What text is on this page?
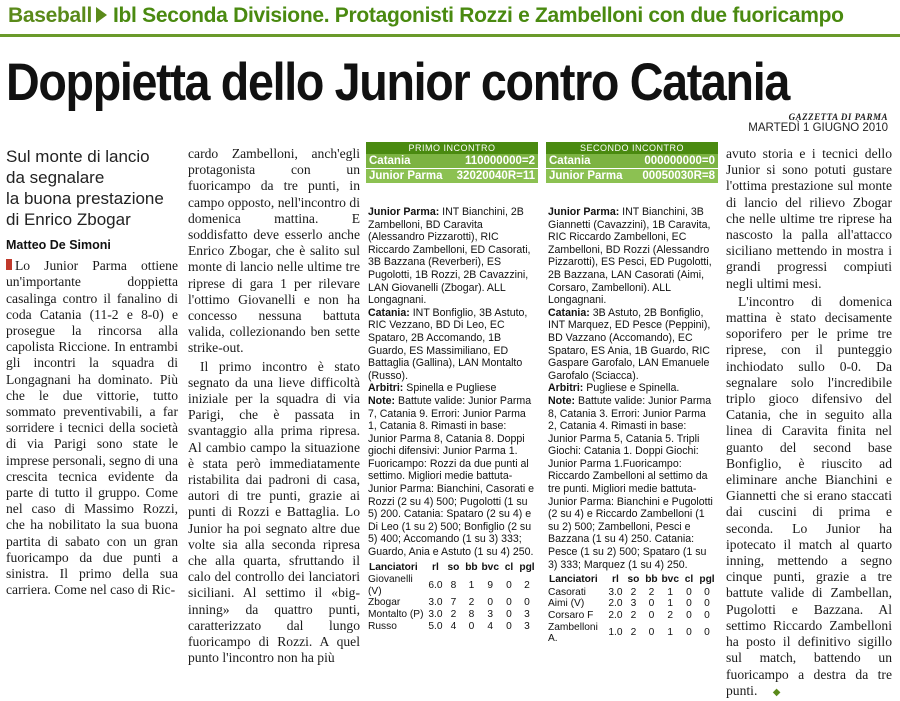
Baseball Ibl Seconda Divisione. Protagonisti Rozzi e Zambelloni con due fuoricampo
Doppietta dello Junior contro Catania
GAZZETTA DI PARMA
MARTEDÌ 1 GIUGNO 2010
Sul monte di lancio
da segnalare
la buona prestazione
di Enrico Zbogar
Matteo De Simoni

Lo Junior Parma ottiene un'importante doppietta casalinga contro il fanalino di coda Catania (11-2 e 8-0) e prosegue la rincorsa alla capolista Riccione. In entrambi gli incontri la squadra di Longagnani ha dominato. Più che le due vittorie, tutto sommato preventivabili, a far sorridere i tecnici della società di via Parigi sono state le imprese personali, segno di una crescita tecnica evidente da parte di tutto il gruppo. Come nel caso di Massimo Rozzi, che ha nobilitato la sua buona partita di sabato con un gran fuoricampo da due punti a sinistra. Il primo della sua carriera. Come nel caso di Ric-

cardo Zambelloni, anch'egli protagonista con un fuoricampo da tre punti, in campo opposto, nell'incontro di domenica mattina. E soddisfatto deve esserlo anche Enrico Zbogar, che è salito sul monte di lancio nelle ultime tre riprese di gara 1 per rilevare l'ottimo Giovanelli e non ha concesso nessuna battuta valida, collezionando ben sette strike-out.

Il primo incontro è stato segnato da una lieve difficoltà iniziale per la squadra di via Parigi, che è passata in svantaggio alla prima ripresa. Al cambio campo la situazione è stata però immediatamente ristabilita dai padroni di casa, autori di tre punti, grazie ai punti di Rozzi e Battaglia. Lo Junior ha poi segnato altre due volte sia alla seconda ripresa che alla quarta, sfruttando il calo del controllo dei lanciatori siciliani. Al settimo il «big-inning» da quattro punti, caratterizzato dal lungo fuoricampo di Rozzi. A quel punto l'incontro non ha più

PRIMO INCONTRO
Catania	110000000=2
Junior Parma 32020040R=11

Junior Parma: INT Bianchini, 2B Zambelloni, BD Caravita (Alessandro Pizzarotti), RIC Riccardo Zambelloni, ED Casorati, 3B Bazzana (Reverberi), ES Pugolotti, 1B Rozzi, 2B Cavazzini, LAN Giovanelli (Zbogar). ALL Longagnani.

Catania: INT Bonfiglio, 3B Astuto, RIC Vezzano, BD Di Leo, EC Spataro, 2B Accomando, 1B Guardo, ES Massimiliano, ED Battaglia (Gallina), LAN Montalto (Russo).

Arbitri: Spinella e Pugliese

Note: Battute valide: Junior Parma 7, Catania 9. Errori: Junior Parma 1, Catania 8. Rimasti in base: Junior Parma 8, Catania 8. Doppi giochi difensivi: Junior Parma 1. Fuoricampo: Rozzi da due punti al settimo. Migliori medie battuta-Junior Parma: Bianchini, Casorati e Rozzi (2 su 4) 500; Pugolotti (1 su 5) 200. Catania: Spataro (2 su 4) e Di Leo (1 su 2) 500; Bonfiglio (2 su 5) 400; Accomando (1 su 3) 333; Guardo, Ania e Astuto (1 su 4) 250.

Lanciatori	rl	so	bb	bvc	cl	pgl
Giovanelli (V)	6.0	8	1	9	0	2
Zbogar	3.0	7	2	0	0	0
Montalto (P)	3.0	2	8	3	0	3
Russo	5.0	4	0	4	0	3
SECONDO INCONTRO
Catania	000000000=0
Junior Parma 00050030R=8

Junior Parma: INT Bianchini, 3B Giannetti (Cavazzini), 1B Caravita, RIC Riccardo Zambelloni, EC Zambelloni, BD Rozzi (Alessandro Pizzarotti), ES Pesci, ED Pugolotti, 2B Bazzana, LAN Casorati (Aimi, Corsaro, Zambelloni). ALL Longagnani.

Catania: 3B Astuto, 2B Bonfiglio, INT Marquez, ED Pesce (Peppini), BD Vazzano (Accomando), EC Spataro, ES Ania, 1B Guardo, RIC Gaspare Garofalo, LAN Emanuele Garofalo (Sciacca).

Arbitri: Pugliese e Spinella.

Note: Battute valide: Junior Parma 8, Catania 3. Errori: Junior Parma 2, Catania 4. Rimasti in base: Junior Parma 5, Catania 5. Tripli Giochi: Catania 1. Doppi Giochi: Junior Parma 1.Fuoricampo: Riccardo Zambelloni al settimo da tre punti. Migliori medie battuta-Junior Parma: Bianchini e Pugolotti (2 su 4) e Riccardo Zambelloni (1 su 2) 500; Zambelloni, Pesci e Bazzana (1 su 4) 250. Catania: Pesce (1 su 2) 500; Spataro (1 su 3) 333; Marquez (1 su 4) 250.

Lanciatori	rl	so	bb	bvc	cl	pgl
Casorati	3.0	2	2	1	0	0
Aimi (V)	2.0	3	0	1	0	0
Corsaro F	2.0	2	0	2	0	0
Zambelloni A.	1.0	2	0	1	0	0

avuto storia e i tecnici dello Junior si sono potuti gustare l'ottima prestazione sul monte di lancio del rilievo Zbogar che nelle ultime tre riprese ha nascosto la palla all'attacco siciliano mettendo in mostra i grandi progressi compiuti negli ultimi mesi.

L'incontro di domenica mattina è stato decisamente soporifero per le prime tre riprese, con il punteggio inchiodato sullo 0-0. Da segnalare solo l'incredibile triplo gioco difensivo del Catania, che in seguito alla linea di Caravita finita nel guanto del second base Bonfiglio, è riuscito ad eliminare anche Bianchini e Giannetti che si erano staccati dai cuscini di prima e seconda. Lo Junior ha ipotecato il match al quarto inning, mettendo a segno cinque punti, grazie a tre battute valide di Zambellan, Pugolotti e Bazzana. Al settimo Riccardo Zambelloni ha posto il definitivo sigillo sul match, battendo un fuoricampo a destra da tre punti. ◆
